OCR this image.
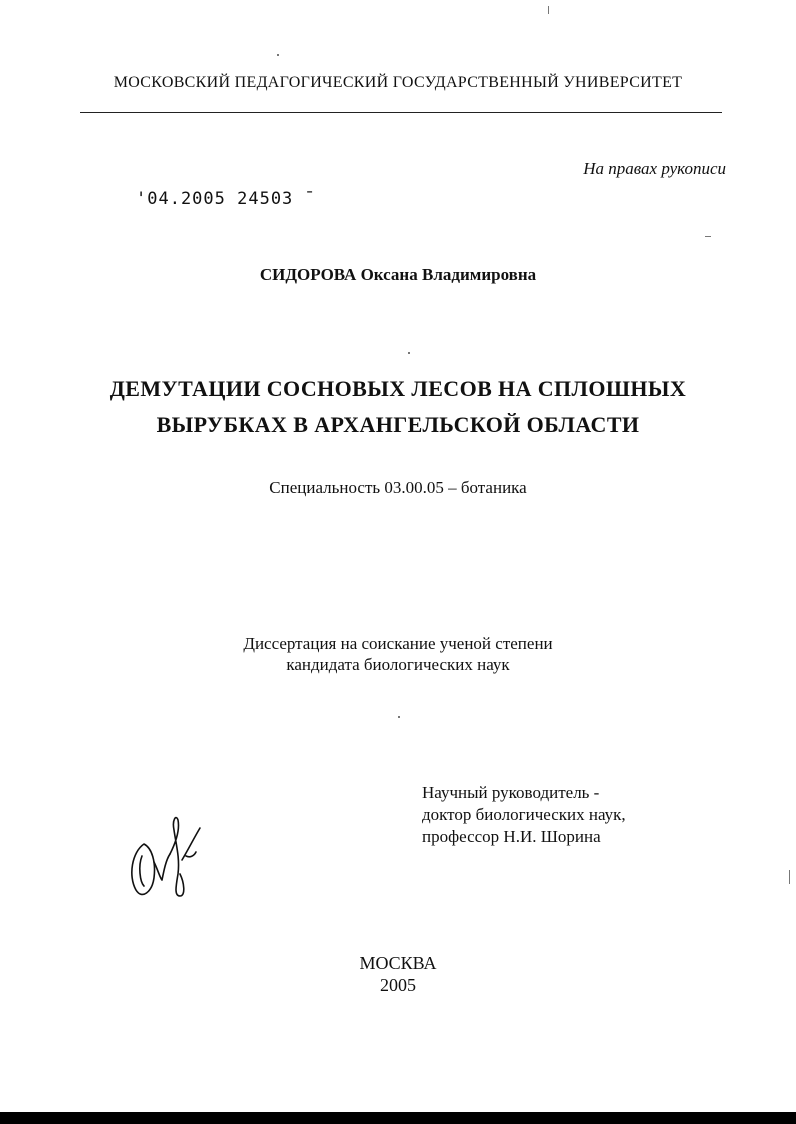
МОСКОВСКИЙ ПЕДАГОГИЧЕСКИЙ ГОСУДАРСТВЕННЫЙ УНИВЕРСИТЕТ

На правах рукописи

'04.2005 24503 ˉ

СИДОРОВА Оксана Владимировна

ДЕМУТАЦИИ СОСНОВЫХ ЛЕСОВ НА СПЛОШНЫХ
ВЫРУБКАХ В АРХАНГЕЛЬСКОЙ ОБЛАСТИ

Специальность 03.00.05 – ботаника

Диссертация на соискание ученой степени
кандидата биологических наук
Научный руководитель -
доктор биологических наук,
профессор Н.И. Шорина
МОСКВА
2005
